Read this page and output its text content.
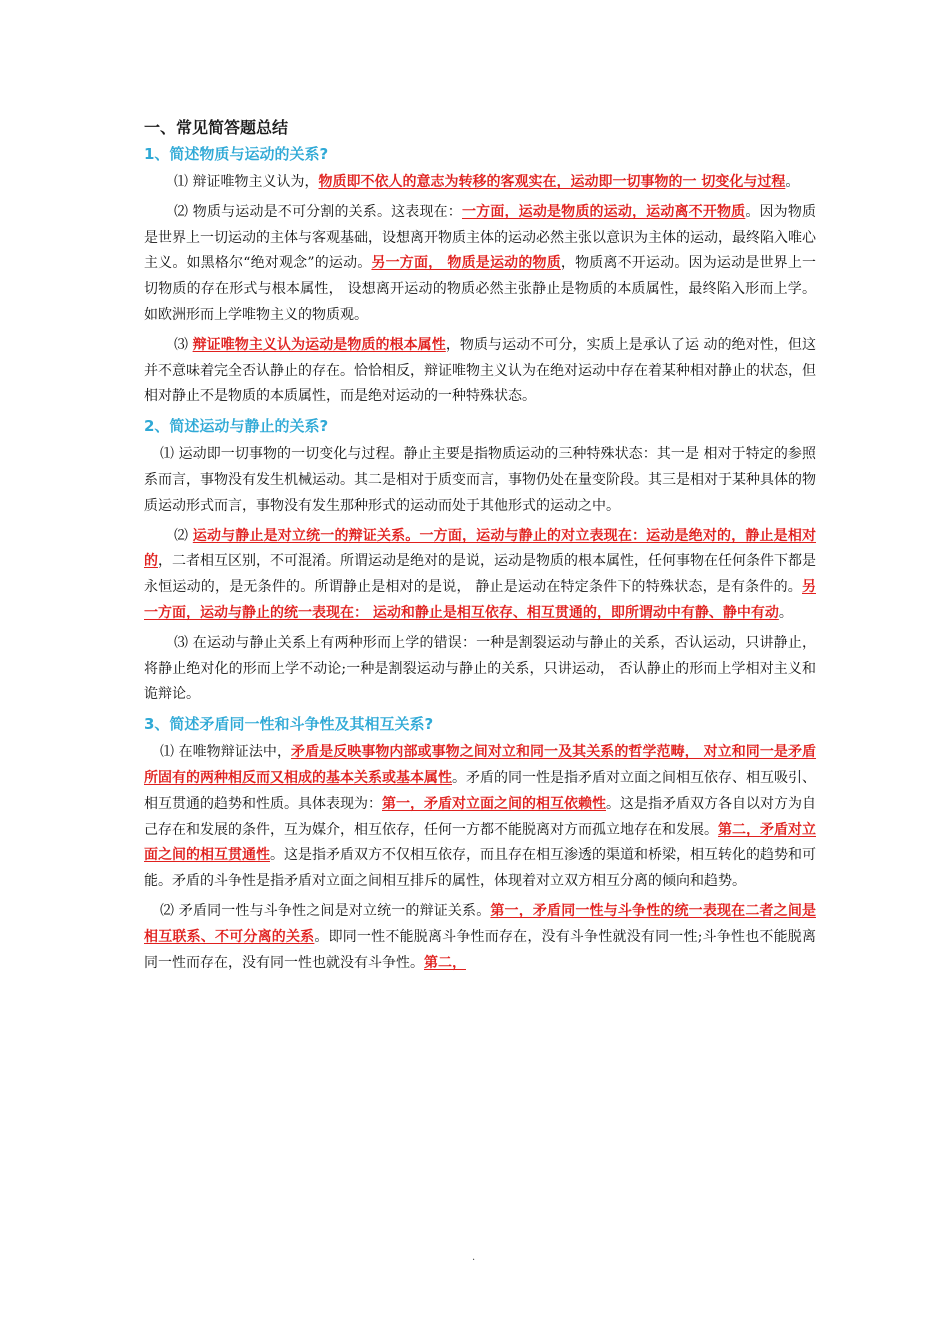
一、常见简答题总结
1、简述物质与运动的关系?

⑴ 辩证唯物主义认为，物质即不依人的意志为转移的客观实在，运动即一切事物的一 切变化与过程。

⑵ 物质与运动是不可分割的关系。这表现在：一方面，运动是物质的运动，运动离不开物质。因为物质是世界上一切运动的主体与客观基础，设想离开物质主体的运动必然主张以意识为主体的运动，最终陷入唯心主义。如黑格尔“绝对观念”的运动。另一方面， 物质是运动的物质，物质离不开运动。因为运动是世界上一切物质的存在形式与根本属性， 设想离开运动的物质必然主张静止是物质的本质属性，最终陷入形而上学。如欧洲形而上学唯物主义的物质观。

⑶ 辩证唯物主义认为运动是物质的根本属性，物质与运动不可分，实质上是承认了运 动的绝对性，但这并不意味着完全否认静止的存在。恰恰相反，辩证唯物主义认为在绝对运动中存在着某种相对静止的状态，但相对静止不是物质的本质属性，而是绝对运动的一种特殊状态。

2、简述运动与静止的关系?

⑴ 运动即一切事物的一切变化与过程。静止主要是指物质运动的三种特殊状态：其一是 相对于特定的参照系而言，事物没有发生机械运动。其二是相对于质变而言，事物仍处在量变阶段。其三是相对于某种具体的物质运动形式而言，事物没有发生那种形式的运动而处于其他形式的运动之中。

⑵ 运动与静止是对立统一的辩证关系。一方面，运动与静止的对立表现在：运动是绝对的，静止是相对的，二者相互区别，不可混淆。所谓运动是绝对的是说，运动是物质的根本属性，任何事物在任何条件下都是永恒运动的，是无条件的。所谓静止是相对的是说， 静止是运动在特定条件下的特殊状态，是有条件的。另一方面，运动与静止的统一表现在： 运动和静止是相互依存、相互贯通的，即所谓动中有静、静中有动。

⑶ 在运动与静止关系上有两种形而上学的错误：一种是割裂运动与静止的关系，否认运动，只讲静止，将静止绝对化的形而上学不动论;一种是割裂运动与静止的关系，只讲运动， 否认静止的形而上学相对主义和诡辩论。

3、简述矛盾同一性和斗争性及其相互关系?

⑴ 在唯物辩证法中，矛盾是反映事物内部或事物之间对立和同一及其关系的哲学范畴， 对立和同一是矛盾所固有的两种相反而又相成的基本关系或基本属性。矛盾的同一性是指矛盾对立面之间相互依存、相互吸引、相互贯通的趋势和性质。具体表现为：第一，矛盾对立面之间的相互依赖性。这是指矛盾双方各自以对方为自己存在和发展的条件，互为媒介，相互依存，任何一方都不能脱离对方而孤立地存在和发展。第二，矛盾对立面之间的相互贯通性。这是指矛盾双方不仅相互依存，而且存在相互渗透的渠道和桥梁，相互转化的趋势和可能。矛盾的斗争性是指矛盾对立面之间相互排斥的属性，体现着对立双方相互分离的倾向和趋势。

⑵ 矛盾同一性与斗争性之间是对立统一的辩证关系。第一，矛盾同一性与斗争性的统一表现在二者之间是相互联系、不可分离的关系。即同一性不能脱离斗争性而存在，没有斗争性就没有同一性;斗争性也不能脱离同一性而存在，没有同一性也就没有斗争性。第二，

.
